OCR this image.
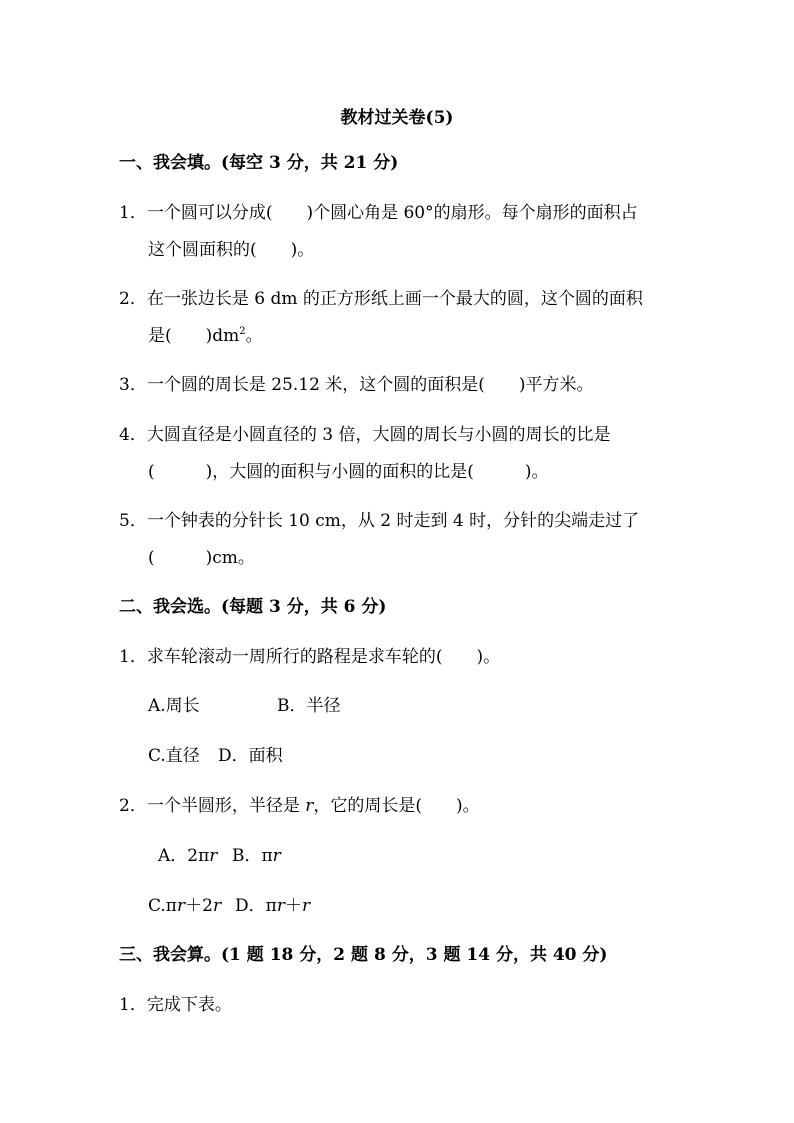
教材过关卷(5)
一、我会填。(每空 3 分，共 21 分)
1．一个圆可以分成(　　)个圆心角是 60°的扇形。每个扇形的面积占
这个圆面积的(　　)。
2．在一张边长是 6 dm 的正方形纸上画一个最大的圆，这个圆的面积
是(　　)$dm^2$。
3．一个圆的周长是 25.12 米，这个圆的面积是(　　)平方米。
4．大圆直径是小圆直径的 3 倍，大圆的周长与小圆的周长的比是
(　　　)，大圆的面积与小圆的面积的比是(　　　)。
5．一个钟表的分针长 10 cm，从 2 时走到 4 时，分针的尖端走过了
(　　　)cm。
二、我会选。(每题 3 分，共 6 分)
1．求车轮滚动一周所行的路程是求车轮的(　　)。
A.周长	B．半径
C.直径 D．面积
2．一个半圆形，半径是 r，它的周长是(　　)。
A．2πr B．πr
C.πr＋2r D．πr＋r
三、我会算。(1 题 18 分，2 题 8 分，3 题 14 分，共 40 分)
1．完成下表。
